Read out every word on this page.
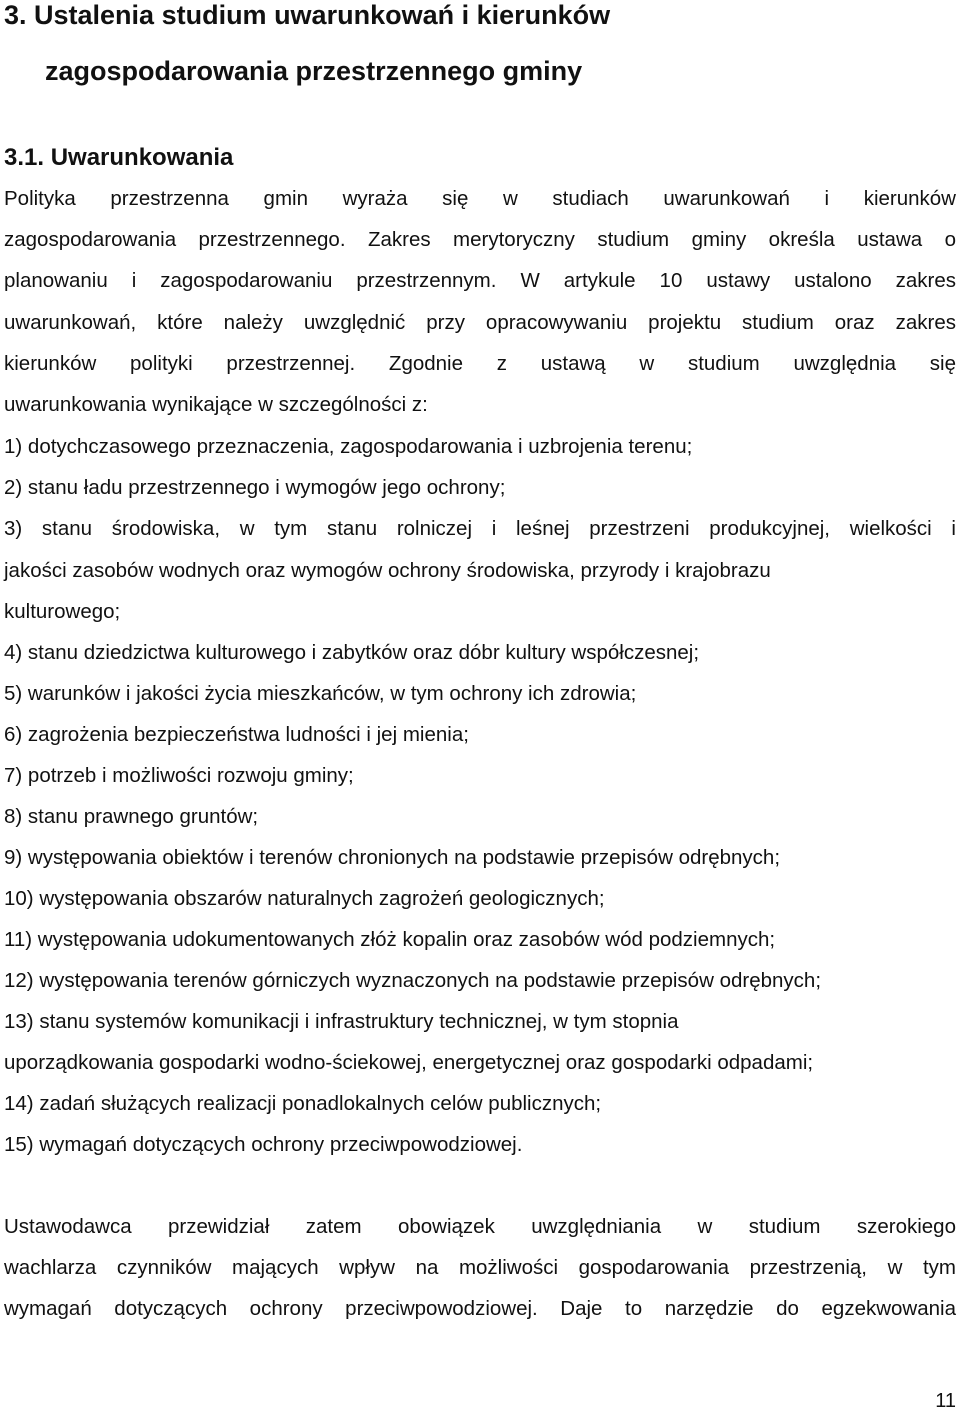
3. Ustalenia studium uwarunkowań i kierunków
zagospodarowania przestrzennego gminy
3.1. Uwarunkowania

Polityka przestrzenna gmin wyraża się w studiach uwarunkowań i kierunków

zagospodarowania przestrzennego. Zakres merytoryczny studium gminy określa ustawa o

planowaniu i zagospodarowaniu przestrzennym. W artykule 10 ustawy ustalono zakres

uwarunkowań, które należy uwzględnić przy opracowywaniu projektu studium oraz zakres

kierunków polityki przestrzennej. Zgodnie z ustawą w studium uwzględnia się

uwarunkowania wynikające w szczególności z:

1) dotychczasowego przeznaczenia, zagospodarowania i uzbrojenia terenu;

2) stanu ładu przestrzennego i wymogów jego ochrony;

3) stanu środowiska, w tym stanu rolniczej i leśnej przestrzeni produkcyjnej, wielkości i

jakości zasobów wodnych oraz wymogów ochrony środowiska, przyrody i krajobrazu

kulturowego;

4) stanu dziedzictwa kulturowego i zabytków oraz dóbr kultury współczesnej;

5) warunków i jakości życia mieszkańców, w tym ochrony ich zdrowia;

6) zagrożenia bezpieczeństwa ludności i jej mienia;

7) potrzeb i możliwości rozwoju gminy;

8) stanu prawnego gruntów;

9) występowania obiektów i terenów chronionych na podstawie przepisów odrębnych;

10) występowania obszarów naturalnych zagrożeń geologicznych;

11) występowania udokumentowanych złóż kopalin oraz zasobów wód podziemnych;

12) występowania terenów górniczych wyznaczonych na podstawie przepisów odrębnych;

13) stanu systemów komunikacji i infrastruktury technicznej, w tym stopnia

uporządkowania gospodarki wodno-ściekowej, energetycznej oraz gospodarki odpadami;

14) zadań służących realizacji ponadlokalnych celów publicznych;

15) wymagań dotyczących ochrony przeciwpowodziowej.

Ustawodawca przewidział zatem obowiązek uwzględniania w studium szerokiego

wachlarza czynników mających wpływ na możliwości gospodarowania przestrzenią, w tym

wymagań dotyczących ochrony przeciwpowodziowej. Daje to narzędzie do egzekwowania

11
